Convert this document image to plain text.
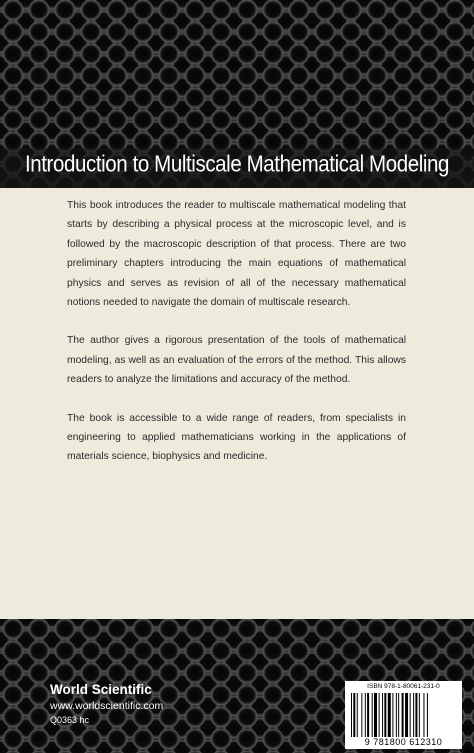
Introduction to Multiscale Mathematical Modeling

This book introduces the reader to multiscale mathematical modeling that starts by describing a physical process at the microscopic level, and is followed by the macroscopic description of that process. There are two preliminary chapters introducing the main equations of mathematical physics and serves as revision of all of the necessary mathematical notions needed to navigate the domain of multiscale research.

The author gives a rigorous presentation of the tools of mathematical modeling, as well as an evaluation of the errors of the method. This allows readers to analyze the limitations and accuracy of the method.

The book is accessible to a wide range of readers, from specialists in engineering to applied mathematicians working in the applications of materials science, biophysics and medicine.

World Scientific
www.worldscientific.com
Q0363 hc
ISBN 978-1-80061-231-0
9 781800 612310
